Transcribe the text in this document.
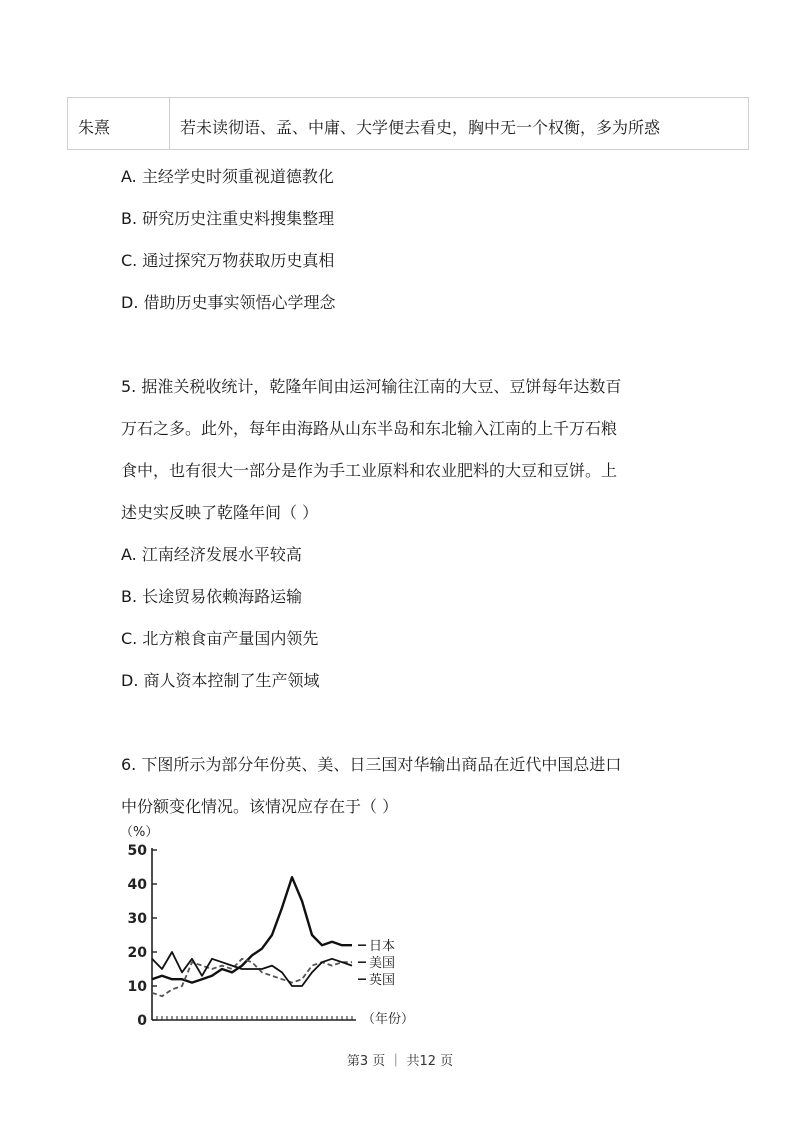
朱熹	若未读彻语、孟、中庸、大学便去看史，胸中无一个权衡，多为所惑
A. 主经学史时须重视道德教化
B. 研究历史注重史料搜集整理
C. 通过探究万物获取历史真相
D. 借助历史事实领悟心学理念
5. 据淮关税收统计，乾隆年间由运河输往江南的大豆、豆饼每年达数百
万石之多。此外，每年由海路从山东半岛和东北输入江南的上千万石粮
食中，也有很大一部分是作为手工业原料和农业肥料的大豆和豆饼。上
述史实反映了乾隆年间（ ）
A. 江南经济发展水平较高
B. 长途贸易依赖海路运输
C. 北方粮食亩产量国内领先
D. 商人资本控制了生产领域
6. 下图所示为部分年份英、美、日三国对华输出商品在近代中国总进口
中份额变化情况。该情况应存在于（ ）
（%）
0
10
20
30
40
50
（年份）
日本
美国
英国
第3 页 ｜ 共12 页
